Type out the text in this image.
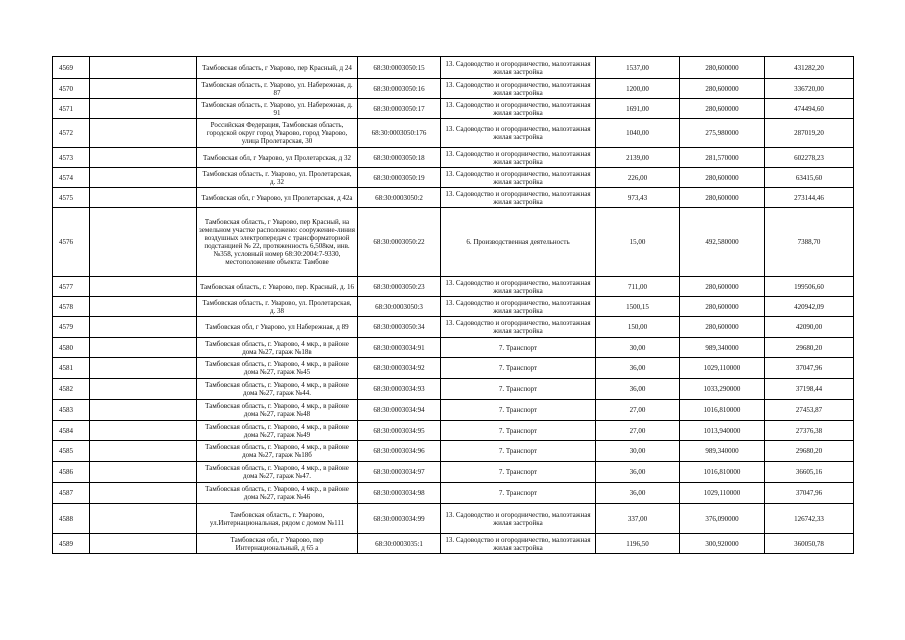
4569		Тамбовская область, г Уварово, пер Красный, д 24	68:30:0003050:15	13. Садоводство и огородничество, малоэтажная жилая застройка	1537,00	280,600000	431282,20
4570		Тамбовская область, г. Уварово, ул. Набережная, д. 87	68:30:0003050:16	13. Садоводство и огородничество, малоэтажная жилая застройка	1200,00	280,600000	336720,00
4571		Тамбовская область, г. Уварово, ул. Набережная, д. 91	68:30:0003050:17	13. Садоводство и огородничество, малоэтажная жилая застройка	1691,00	280,600000	474494,60
4572		Российская Федерация, Тамбовская область, городской округ город Уварово, город Уварово, улица Пролетарская, 30	68:30:0003050:176	13. Садоводство и огородничество, малоэтажная жилая застройка	1040,00	275,980000	287019,20
4573		Тамбовская обл, г Уварово, ул Пролетарская, д 32	68:30:0003050:18	13. Садоводство и огородничество, малоэтажная жилая застройка	2139,00	281,570000	602278,23
4574		Тамбовская область, г. Уварово, ул. Пролетарская, д. 32	68:30:0003050:19	13. Садоводство и огородничество, малоэтажная жилая застройка	226,00	280,600000	63415,60
4575		Тамбовская обл, г Уварово, ул Пролетарская, д 42а	68:30:0003050:2	13. Садоводство и огородничество, малоэтажная жилая застройка	973,43	280,600000	273144,46
4576		Тамбовская область, г Уварово, пер Красный, на земельном участке расположено: сооружение-линия воздушных электропередач с трансформаторной подстанцией № 22, протяженность 6,508км, инв.№358, условный номер 68:30:2004:7-9330, местоположение объекта: Тамбове	68:30:0003050:22	6. Производственная деятельность	15,00	492,580000	7388,70
4577		Тамбовская область, г. Уварово, пер. Красный, д. 16	68:30:0003050:23	13. Садоводство и огородничество, малоэтажная жилая застройка	711,00	280,600000	199506,60
4578		Тамбовская область, г. Уварово, ул. Пролетарская, д. 38	68:30:0003050:3	13. Садоводство и огородничество, малоэтажная жилая застройка	1500,15	280,600000	420942,09
4579		Тамбовская обл, г Уварово, ул Набережная, д 89	68:30:0003050:34	13. Садоводство и огородничество, малоэтажная жилая застройка	150,00	280,600000	42090,00
4580		Тамбовская область, г. Уварово, 4 мкр., в районе дома №27, гараж №18в	68:30:0003034:91	7. Транспорт	30,00	989,340000	29680,20
4581		Тамбовская область, г. Уварово, 4 мкр., в районе дома №27, гараж №45	68:30:0003034:92	7. Транспорт	36,00	1029,110000	37047,96
4582		Тамбовская область, г. Уварово, 4 мкр., в районе дома №27, гараж №44.	68:30:0003034:93	7. Транспорт	36,00	1033,290000	37198,44
4583		Тамбовская область, г. Уварово, 4 мкр., в районе дома №27, гараж №48	68:30:0003034:94	7. Транспорт	27,00	1016,810000	27453,87
4584		Тамбовская область, г. Уварово, 4 мкр., в районе дома №27, гараж №49	68:30:0003034:95	7. Транспорт	27,00	1013,940000	27376,38
4585		Тамбовская область, г. Уварово, 4 мкр., в районе дома №27, гараж №18б	68:30:0003034:96	7. Транспорт	30,00	989,340000	29680,20
4586		Тамбовская область, г. Уварово, 4 мкр., в районе дома №27, гараж №47.	68:30:0003034:97	7. Транспорт	36,00	1016,810000	36605,16
4587		Тамбовская область, г. Уварово, 4 мкр., в районе дома №27, гараж №46	68:30:0003034:98	7. Транспорт	36,00	1029,110000	37047,96
4588		Тамбовская область, г. Уварово, ул.Интернациональная, рядом с домом №111	68:30:0003034:99	13. Садоводство и огородничество, малоэтажная жилая застройка	337,00	376,090000	126742,33
4589		Тамбовская обл, г Уварово, пер Интернациональный, д 65 а	68:30:0003035:1	13. Садоводство и огородничество, малоэтажная жилая застройка	1196,50	300,920000	360050,78
